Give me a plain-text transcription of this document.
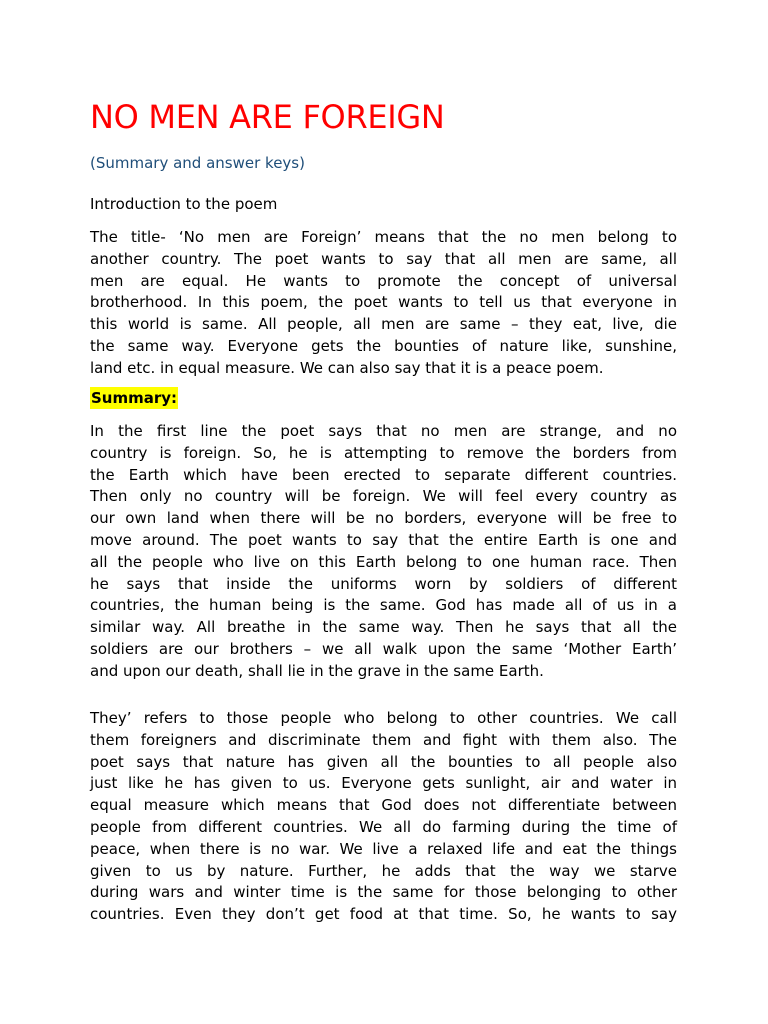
NO MEN ARE FOREIGN

(Summary and answer keys)

Introduction to the poem

The title- ‘No men are Foreign’ means that the no men belong to
another country. The poet wants to say that all men are same, all
men are equal. He wants to promote the concept of universal
brotherhood. In this poem, the poet wants to tell us that everyone in
this world is same. All people, all men are same – they eat, live, die
the same way. Everyone gets the bounties of nature like, sunshine,
land etc. in equal measure. We can also say that it is a peace poem.

Summary:

In the first line the poet says that no men are strange, and no
country is foreign. So, he is attempting to remove the borders from
the Earth which have been erected to separate different countries.
Then only no country will be foreign. We will feel every country as
our own land when there will be no borders, everyone will be free to
move around. The poet wants to say that the entire Earth is one and
all the people who live on this Earth belong to one human race. Then
he says that inside the uniforms worn by soldiers of different
countries, the human being is the same. God has made all of us in a
similar way. All breathe in the same way. Then he says that all the
soldiers are our brothers – we all walk upon the same ‘Mother Earth’
and upon our death, shall lie in the grave in the same Earth.
They’ refers to those people who belong to other countries. We call
them foreigners and discriminate them and fight with them also. The
poet says that nature has given all the bounties to all people also
just like he has given to us. Everyone gets sunlight, air and water in
equal measure which means that God does not differentiate between
people from different countries. We all do farming during the time of
peace, when there is no war. We live a relaxed life and eat the things
given to us by nature. Further, he adds that the way we starve
during wars and winter time is the same for those belonging to other
countries. Even they don’t get food at that time. So, he wants to say
